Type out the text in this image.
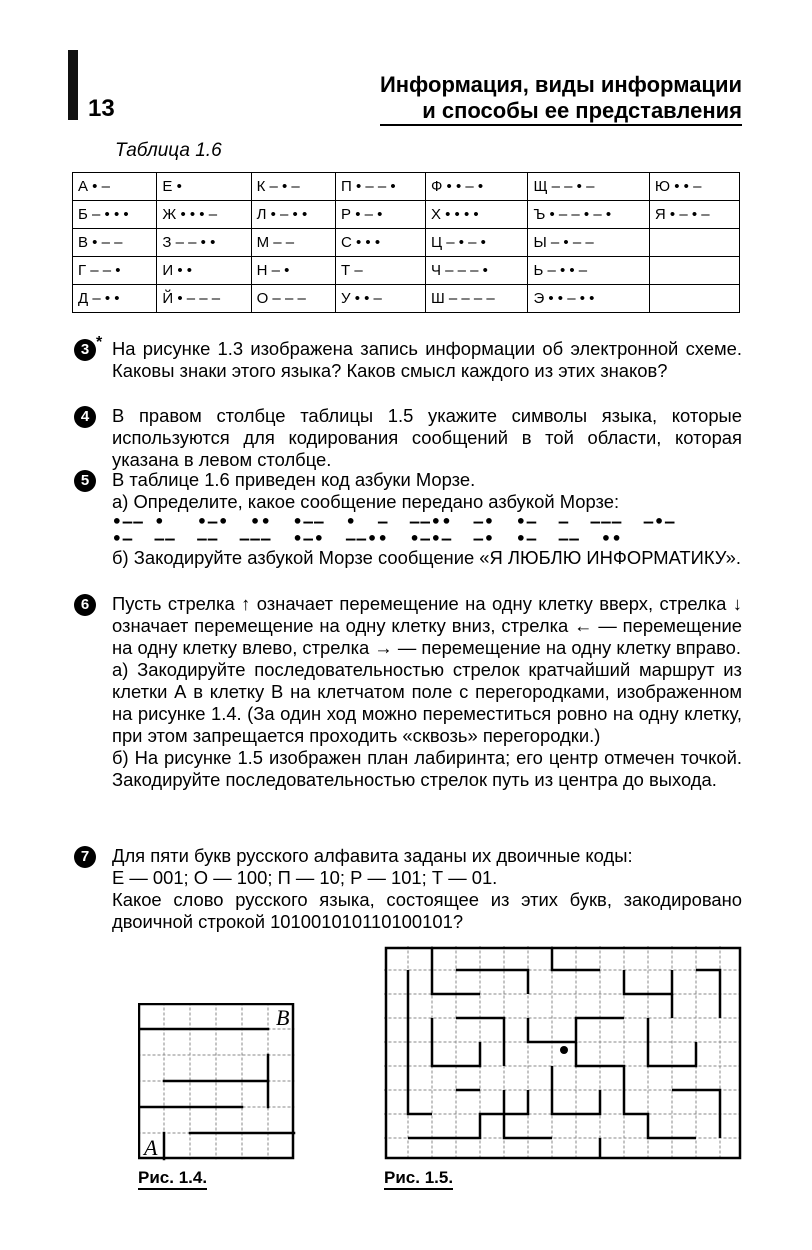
13
Информация, виды информации
и способы ее представления
Таблица 1.6
А • –	Е •	К – • –	П • – – •	Ф • • – •	Щ – – • –	Ю • • –
Б – • • •	Ж • • • –	Л • – • •	Р • – •	Х • • • •	Ъ • – – • – •	Я • – • –
В • – –	З – – • •	М – –	С • • •	Ц – • – •	Ы – • – –	
Г – – •	И • •	Н – •	Т –	Ч – – – •	Ь – • • –	
Д – • •	Й • – – –	О – – –	У • • –	Ш – – – –	Э • • – • •	
3 * На рисунке 1.3 изображена запись информации об электронной схеме. Каковы знаки этого языка? Каков смысл каждого из этих знаков?
4	В правом столбце таблицы 1.5 укажите символы языка, которые используются для кодирования сообщений в той области, которая указана в левом столбце.
5	В таблице 1.6 приведен код азбуки Морзе.
а) Определите, какое сообщение передано азбукой Морзе:
•–– •   •–•  ••  •––  •  –  ––••  –•  •–  –  –––  –•–
•–  ––  ––  –––  •–•  ––••  •–•–  –•  •–  ––  ••
б) Закодируйте азбукой Морзе сообщение «Я ЛЮБЛЮ ИНФОРМАТИКУ».
6	Пусть стрелка ↑ означает перемещение на одну клетку вверх, стрелка ↓ означает перемещение на одну клетку вниз, стрелка ← — перемещение на одну клетку влево, стрелка → — перемещение на одну клетку вправо.
а) Закодируйте последовательностью стрелок кратчайший маршрут из клетки А в клетку В на клетчатом поле с перегородками, изображенном на рисунке 1.4. (За один ход можно переместиться ровно на одну клетку, при этом запрещается проходить «сквозь» перегородки.)
б) На рисунке 1.5 изображен план лабиринта; его центр отмечен точкой. Закодируйте последовательностью стрелок путь из центра до выхода.
7	Для пяти букв русского алфавита заданы их двоичные коды:
Е — 001; О — 100; П — 10; Р — 101; Т — 01.
Какое слово русского языка, состоящее из этих букв, закодировано двоичной строкой 101001010110100101?
B
A
Рис. 1.4.	Рис. 1.5.
